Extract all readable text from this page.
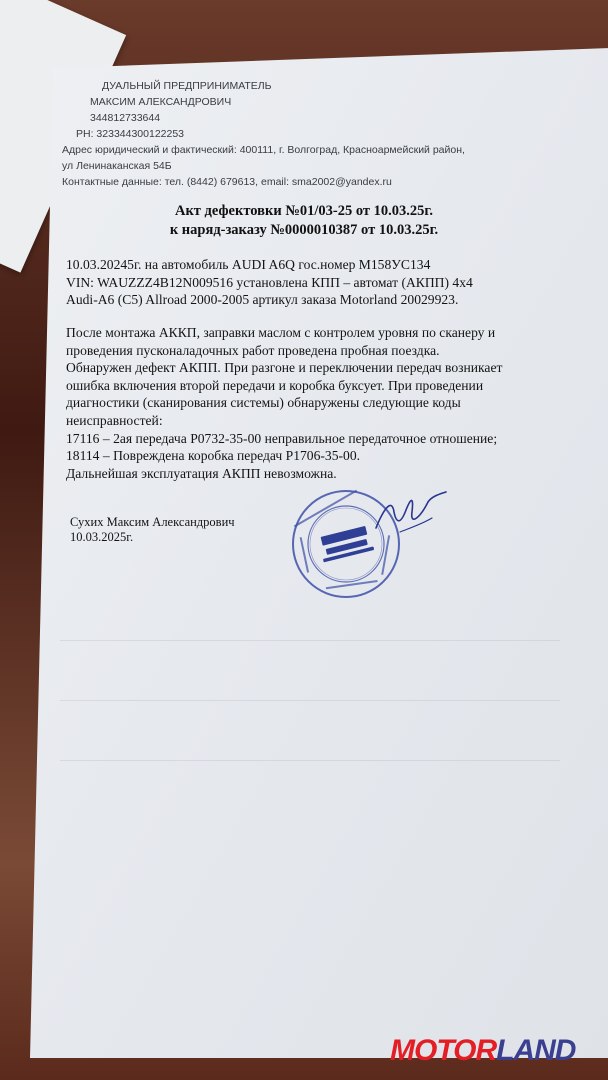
ДУАЛЬНЫЙ ПРЕДПРИНИМАТЕЛЬ
МАКСИМ АЛЕКСАНДРОВИЧ
344812733644
РН: 323344300122253
Адрес юридический и фактический: 400111, г. Волгоград, Красноармейский район,
ул Ленинаканская 54Б
Контактные данные: тел. (8442) 679613, email: sma2002@yandex.ru
Акт дефектовки №01/03-25 от 10.03.25г.
к наряд-заказу №0000010387 от 10.03.25г.
10.03.20245г. на автомобиль AUDI A6Q гос.номер М158УС134
VIN: WAUZZZ4B12N009516 установлена КПП – автомат (АКПП) 4x4
Audi-A6 (C5) Allroad 2000-2005 артикул заказа Motorland 20029923.
После монтажа АККП, заправки маслом с контролем уровня по сканеру и
проведения пусконаладочных работ проведена пробная поездка.
Обнаружен дефект АКПП. При разгоне и переключении передач возникает
ошибка включения второй передачи и коробка буксует. При проведении
диагностики (сканирования системы) обнаружены следующие коды
неисправностей:
17116 – 2ая передача P0732-35-00 неправильное передаточное отношение;
18114 – Повреждена коробка передач P1706-35-00.
Дальнейшая эксплуатация АКПП невозможна.
Сухих Максим Александрович
10.03.2025г.
MOTORLAND
